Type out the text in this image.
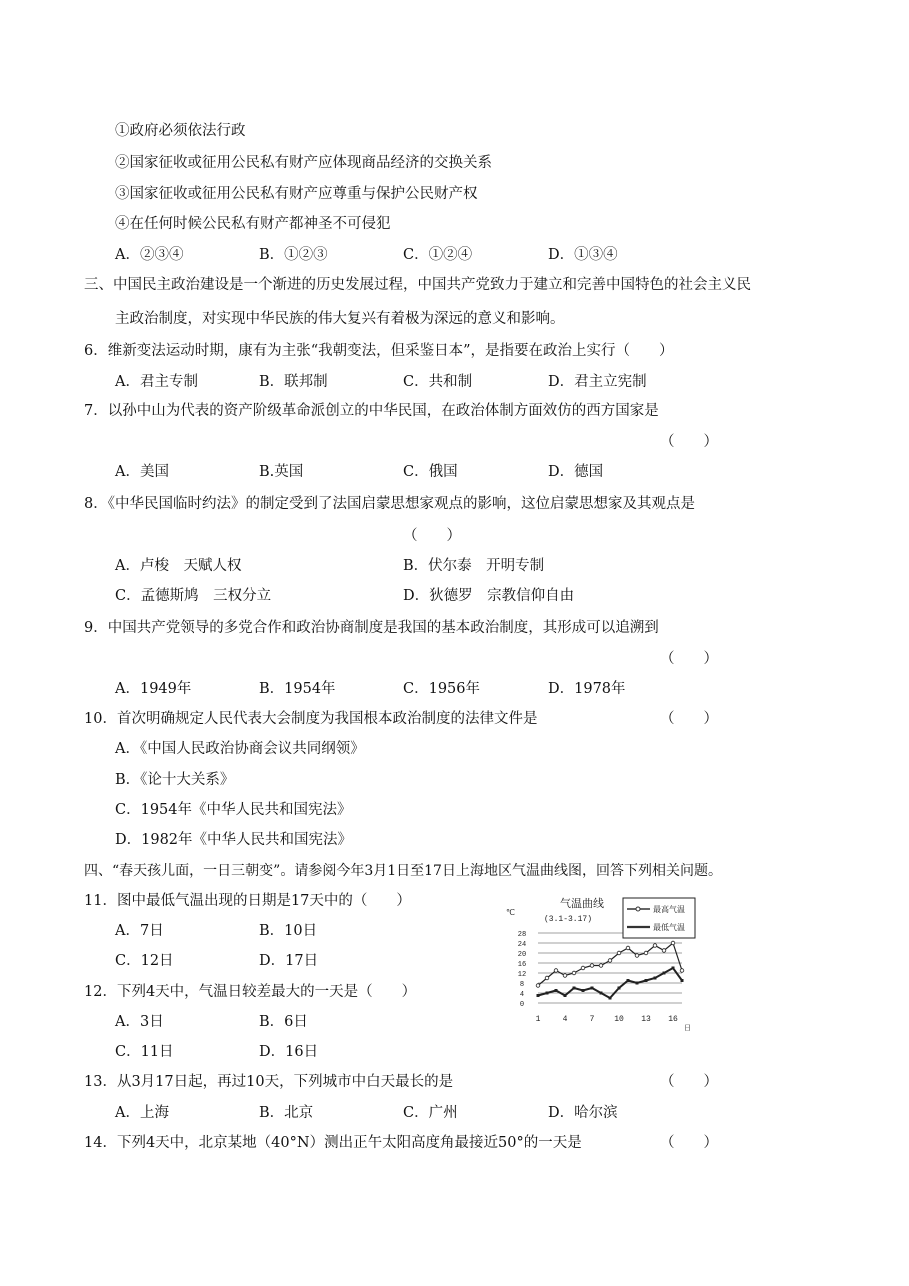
①政府必须依法行政
②国家征收或征用公民私有财产应体现商品经济的交换关系
③国家征收或征用公民私有财产应尊重与保护公民财产权
④在任何时候公民私有财产都神圣不可侵犯
A．②③④	B．①②③	C．①②④	D．①③④
三、中国民主政治建设是一个渐进的历史发展过程，中国共产党致力于建立和完善中国特色的社会主义民
主政治制度，对实现中华民族的伟大复兴有着极为深远的意义和影响。
6．维新变法运动时期，康有为主张“我朝变法，但采鉴日本”，是指要在政治上实行（　　）
A．君主专制	B．联邦制	C．共和制	D．君主立宪制
7．以孙中山为代表的资产阶级革命派创立的中华民国，在政治体制方面效仿的西方国家是
（　　）
A．美国	B.英国	C．俄国	D．德国
8．《中华民国临时约法》的制定受到了法国启蒙思想家观点的影响，这位启蒙思想家及其观点是
（　　）
A．卢梭　天赋人权	B．伏尔泰　开明专制
C．孟德斯鸠　三权分立	D．狄德罗　宗教信仰自由
9．中国共产党领导的多党合作和政治协商制度是我国的基本政治制度，其形成可以追溯到
（　　）
A．1949年	B．1954年	C．1956年	D．1978年
10．首次明确规定人民代表大会制度为我国根本政治制度的法律文件是	（　　）
A．《中国人民政治协商会议共同纲领》
B．《论十大关系》
C．1954年《中华人民共和国宪法》
D．1982年《中华人民共和国宪法》
四、“春天孩儿面，一日三朝变”。请参阅今年3月1日至17日上海地区气温曲线图，回答下列相关问题。
11．图中最低气温出现的日期是17天中的（　　）
A．7日	B．10日
C．12日	D．17日
12．下列4天中，气温日较差最大的一天是（　　）
A．3日	B．6日
C．11日	D．16日
气温曲线
(3.1-3.17)
℃	最高气温
最低气温
28
24
20
16
12
8
4
0
1	4	7 10 13 16
日
13．从3月17日起，再过10天，下列城市中白天最长的是	（　　）
A．上海	B．北京	C．广州	D．哈尔滨
14．下列4天中，北京某地（40°N）测出正午太阳高度角最接近50°的一天是	（　　）
